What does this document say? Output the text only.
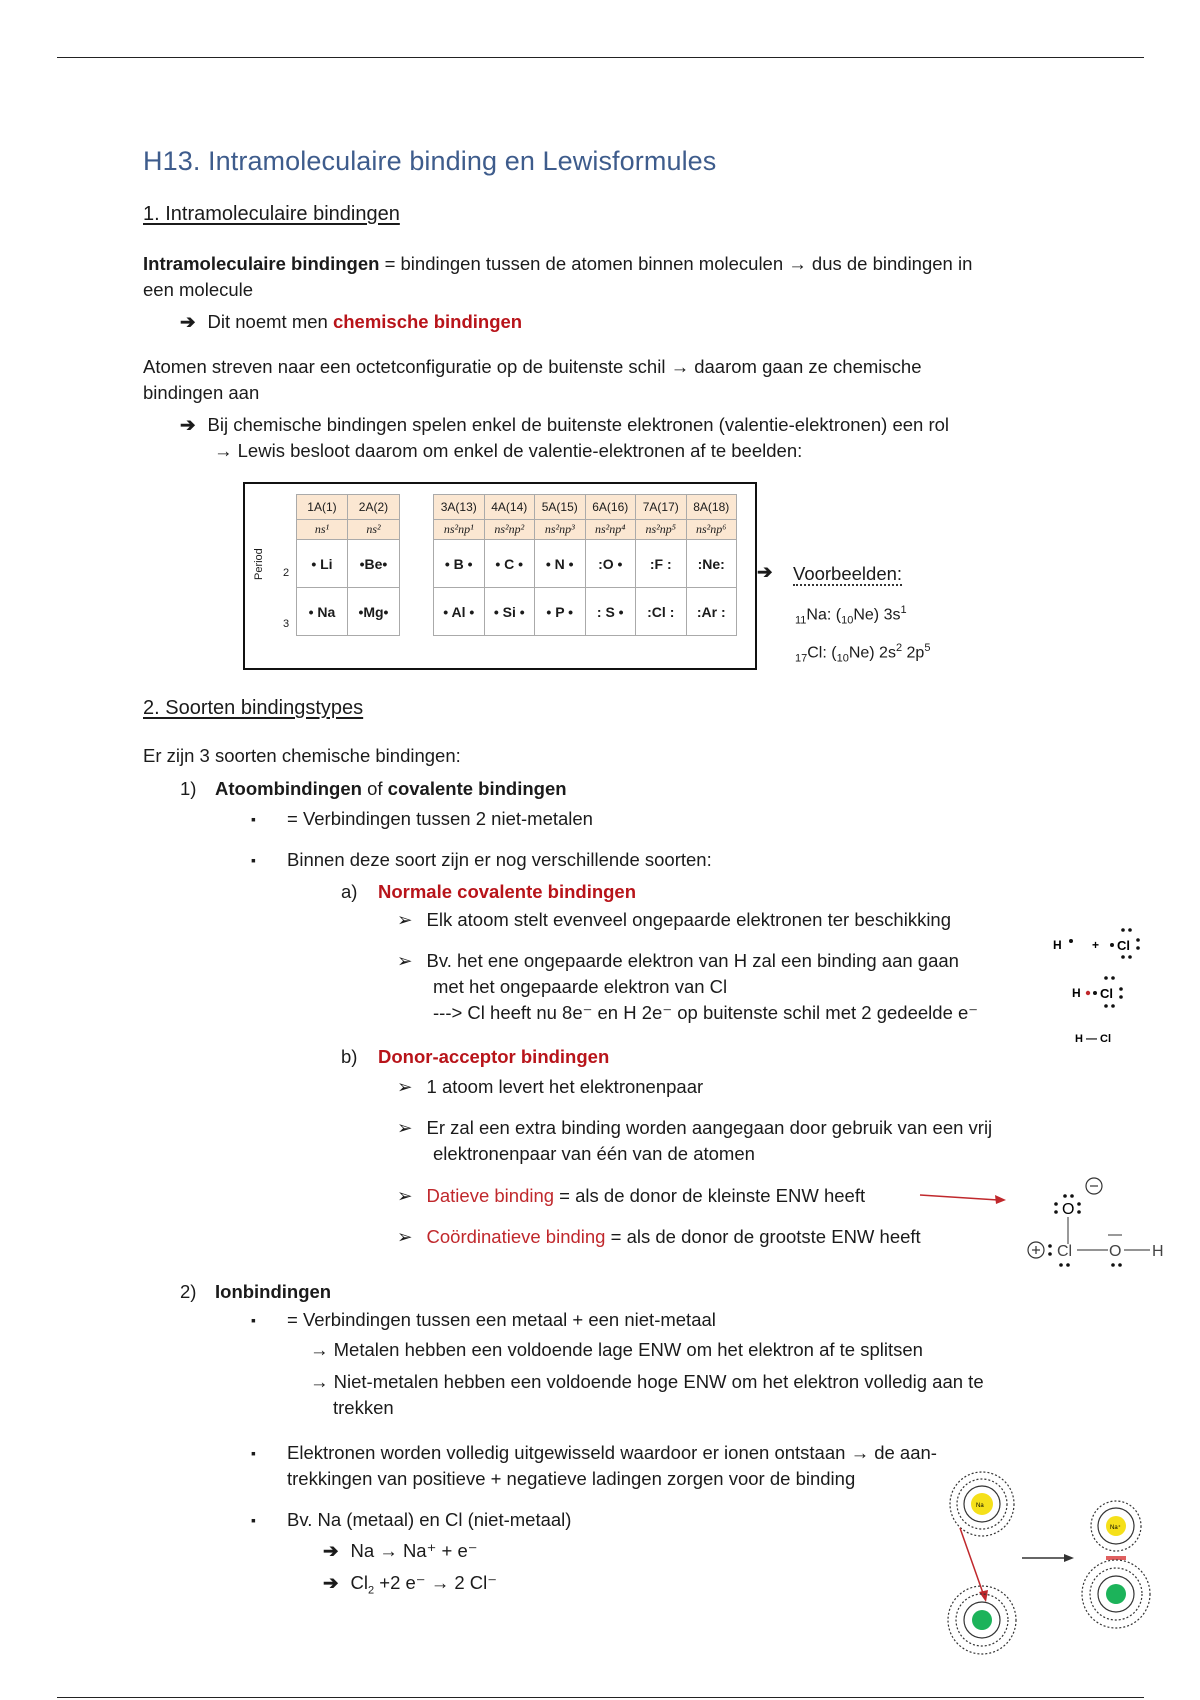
H13. Intramoleculaire binding en Lewisformules
1. Intramoleculaire bindingen
Intramoleculaire bindingen = bindingen tussen de atomen binnen moleculen → dus de bindingen in
een molecule
➔ Dit noemt men chemische bindingen
Atomen streven naar een octetconfiguratie op de buitenste schil → daarom gaan ze chemische
bindingen aan
➔ Bij chemische bindingen spelen enkel de buitenste elektronen (valentie-elektronen) een rol
→ Lewis besloot daarom om enkel de valentie-elektronen af te beelden:
Period 2
3
1A(1)	2A(2)
ns¹	ns²
• Li	•Be•
• Na	•Mg•
3A(13)	4A(14)	5A(15)	6A(16)	7A(17)	8A(18)
ns²np¹	ns²np²	ns²np³	ns²np⁴	ns²np⁵	ns²np⁶
• B •	• C •	• N •	:O •	:F :	:Ne:
• Al •	• Si •	• P •	: S •	:Cl :	:Ar :
➔	Voorbeelden:
$_{11}$Na: $(_{10}Ne)$ $3s^1$
$_{17}$Cl: $(_{10}Ne)$ $2s^2$ $2p^5$
2. Soorten bindingstypes
Er zijn 3 soorten chemische bindingen:
1) Atoombindingen of covalente bindingen
▪ = Verbindingen tussen 2 niet-metalen
▪ Binnen deze soort zijn er nog verschillende soorten:
a) Normale covalente bindingen
➢ Elk atoom stelt evenveel ongepaarde elektronen ter beschikking
➢ Bv. het ene ongepaarde elektron van H zal een binding aan gaan
met het ongepaarde elektron van Cl
---> Cl heeft nu 8e⁻ en H 2e⁻ op buitenste schil met 2 gedeelde e⁻
b) Donor-acceptor bindingen
➢ 1 atoom levert het elektronenpaar
➢ Er zal een extra binding worden aangegaan door gebruik van een vrij
elektronenpaar van één van de atomen
➢ Datieve binding = als de donor de kleinste ENW heeft
➢ Coördinatieve binding = als de donor de grootste ENW heeft
2) Ionbindingen
▪ = Verbindingen tussen een metaal + een niet-metaal
→ Metalen hebben een voldoende lage ENW om het elektron af te splitsen
→ Niet-metalen hebben een voldoende hoge ENW om het elektron volledig aan te
trekken
▪ Elektronen worden volledig uitgewisseld waardoor er ionen ontstaan → de aan-
trekkingen van positieve + negatieve ladingen zorgen voor de binding
▪ Bv. Na (metaal) en Cl (niet-metaal)
➔ Na → Na⁺ + e⁻
➔ $Cl_2 +2$ e⁻ → 2 Cl⁻
H	+ Cl
H Cl
H — Cl
O
Cl O H
Na
Na⁺
